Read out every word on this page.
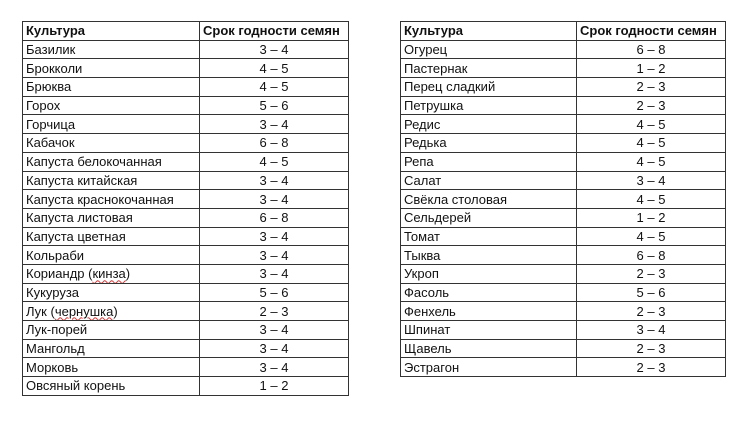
Культура	Срок годности семян
Базилик	3 – 4
Брокколи	4 – 5
Брюква	4 – 5
Горох	5 – 6
Горчица	3 – 4
Кабачок	6 – 8
Капуста белокочанная	4 – 5
Капуста китайская	3 – 4
Капуста краснокочанная	3 – 4
Капуста листовая	6 – 8
Капуста цветная	3 – 4
Кольраби	3 – 4
Кориандр (кинза)	3 – 4
Кукуруза	5 – 6
Лук (чернушка)	2 – 3
Лук-порей	3 – 4
Мангольд	3 – 4
Морковь	3 – 4
Овсяный корень	1 – 2
Культура	Срок годности семян
Огурец	6 – 8
Пастернак	1 – 2
Перец сладкий	2 – 3
Петрушка	2 – 3
Редис	4 – 5
Редька	4 – 5
Репа	4 – 5
Салат	3 – 4
Свёкла столовая	4 – 5
Сельдерей	1 – 2
Томат	4 – 5
Тыква	6 – 8
Укроп	2 – 3
Фасоль	5 – 6
Фенхель	2 – 3
Шпинат	3 – 4
Щавель	2 – 3
Эстрагон	2 – 3
